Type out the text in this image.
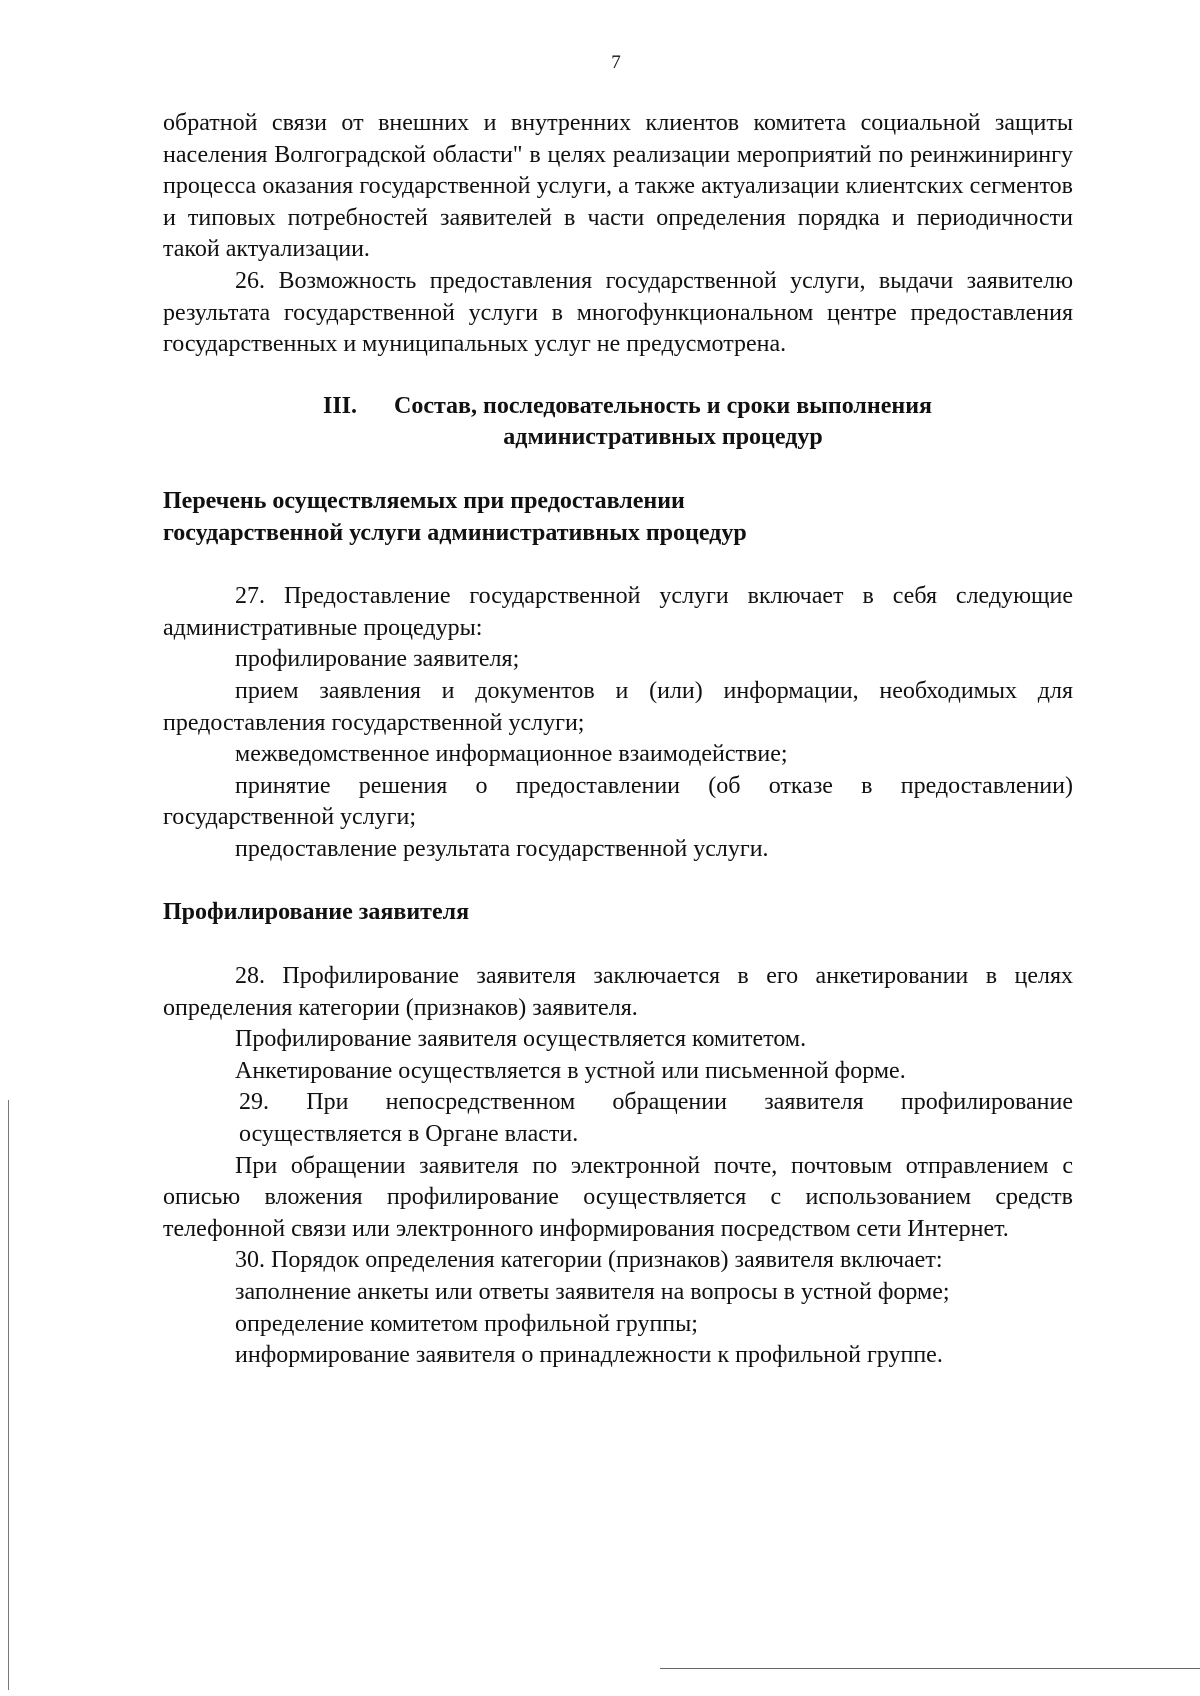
7

обратной связи от внешних и внутренних клиентов комитета социальной защиты населения Волгоградской области" в целях реализации мероприятий по реинжинирингу процесса оказания государственной услуги, а также актуализации клиентских сегментов и типовых потребностей заявителей в части определения порядка и периодичности такой актуализации.

26. Возможность предоставления государственной услуги, выдачи заявителю результата государственной услуги в многофункциональном центре предоставления государственных и муниципальных услуг не предусмотрена.

III.	Состав, последовательность и сроки выполнения
административных процедур

Перечень осуществляемых при предоставлении

государственной услуги административных процедур

27. Предоставление государственной услуги включает в себя следующие административные процедуры:

профилирование заявителя;

прием заявления и документов и (или) информации, необходимых для предоставления государственной услуги;

межведомственное информационное взаимодействие;

принятие решения о предоставлении (об отказе в предоставлении) государственной услуги;

предоставление результата государственной услуги.

Профилирование заявителя

28. Профилирование заявителя заключается в его анкетировании в целях определения категории (признаков) заявителя.

Профилирование заявителя осуществляется комитетом.

Анкетирование осуществляется в устной или письменной форме.

29. При непосредственном обращении заявителя профилирование осуществляется в Органе власти.

При обращении заявителя по электронной почте, почтовым отправлением с описью вложения профилирование осуществляется с использованием средств телефонной связи или электронного информирования посредством сети Интернет.

30. Порядок определения категории (признаков) заявителя включает:

заполнение анкеты или ответы заявителя на вопросы в устной форме;

определение комитетом профильной группы;

информирование заявителя о принадлежности к профильной группе.
